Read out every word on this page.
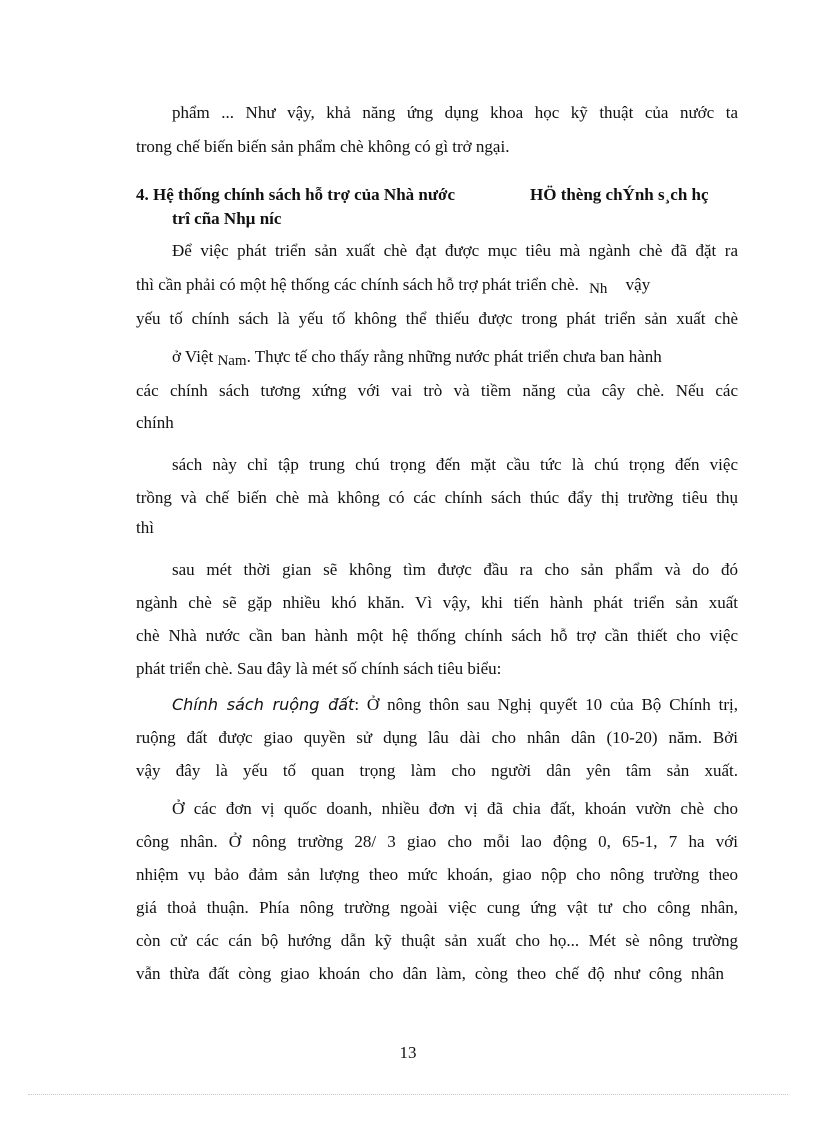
phẩm ... Như vậy, khả năng ứng dụng khoa học kỹ thuật của nước ta
trong chế biến biến sản phẩm chè không có gì trở ngại.
4. Hệ thống chính sách hỗ trợ của Nhà nước	HÖ thèng chÝnh s¸ch hç
trî cña Nhµ níc
Để việc phát triển sản xuất chè đạt được mục tiêu mà ngành chè đã đặt ra
thì cần phải có một hệ thống các chính sách hỗ trợ phát triển chè. Nh vậy
yếu tố chính sách là yếu tố không thể thiếu được trong phát triển sản xuất chè
ở Việt Nam. Thực tế cho thấy rằng những nước phát triển chưa ban hành
các chính sách tương xứng với vai trò và tiềm năng của cây chè. Nếu các
chính
sách này chỉ tập trung chú trọng đến mặt cầu tức là chú trọng đến việc
trồng và chế biến chè mà không có các chính sách thúc đẩy thị trường tiêu thụ
thì
sau mét thời gian sẽ không tìm được đầu ra cho sản phẩm và do đó
ngành chè sẽ gặp nhiều khó khăn. Vì vậy, khi tiến hành phát triển sản xuất
chè Nhà nước cần ban hành một hệ thống chính sách hỗ trợ cần thiết cho việc
phát triển chè. Sau đây là mét số chính sách tiêu biểu:
Chính sách ruộng đất: Ở nông thôn sau Nghị quyết 10 của Bộ Chính trị,
ruộng đất được giao quyền sử dụng lâu dài cho nhân dân (10-20) năm. Bởi
vậy đây là yếu tố quan trọng làm cho người dân yên tâm sản xuất.
Ở các đơn vị quốc doanh, nhiều đơn vị đã chia đất, khoán vườn chè cho
công nhân. Ở nông trường 28/ 3 giao cho mỗi lao động 0, 65-1, 7 ha với
nhiệm vụ bảo đảm sản lượng theo mức khoán, giao nộp cho nông trường theo
giá thoả thuận. Phía nông trường ngoài việc cung ứng vật tư cho công nhân,
còn cử các cán bộ hướng dẫn kỹ thuật sản xuất cho họ... Mét sè nông trường
vẫn thừa đất còng giao khoán cho dân làm, còng theo chế độ như công nhân
13
